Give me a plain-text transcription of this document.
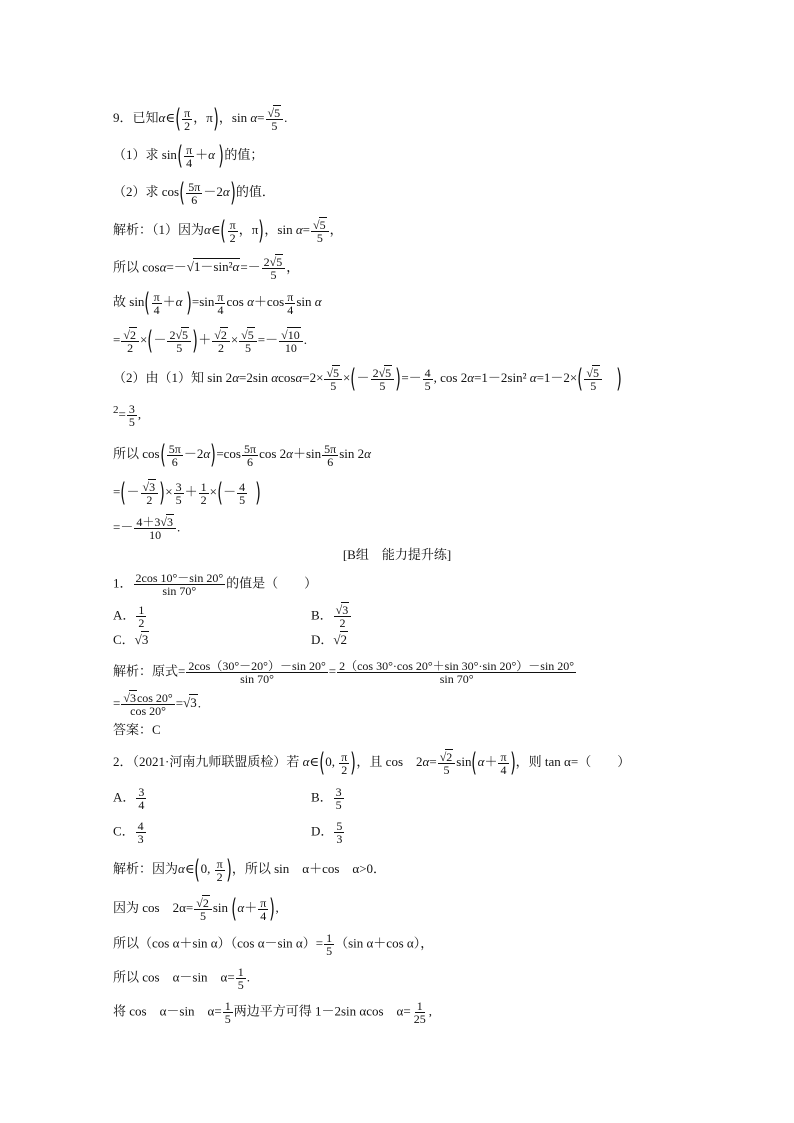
9．已知α∈( $\frac{\pi}{2}$ ，π)，$\sin \alpha= \frac{√5}{5}$ .
（1）求 $\sin( \frac{\pi}{4} +\alpha$ )的值；
（2）求 $\cos( \frac{5\pi}{6} -2\alpha)$的值．
解析：（1）因为α∈( $\frac{\pi}{2}$ ，π)，$\sin \alpha= \frac{√5}{5}$ ，
所以 $\cos\alpha=-√1-\sin^2\alpha=- \frac{2√5}{5}$ ，
故 $\sin( \frac{\pi}{4} +\alpha$ )$=\sin \frac{\pi}{4}$ $\cos \alpha+\cos \frac{\pi}{4}$ sin α
= $\frac{√2}{2}$ ×(－ $\frac{2√5}{5}$ )＋ $\frac{√2}{2} \times \frac{√5}{5} =- \frac{√10}{10}$ .
（2）由（1）知 sin 2α=2sin $\alpha\cos\alpha=2\times \frac{√5}{5}$ ×(－ $\frac{2√5}{5}$ )=－ $\frac{4}{5}$ , cos 2α=1－2sin² $\alpha=1-2\times( \frac{√5}{5}$ )
$^2= \frac{3}{5}$ ,
所以 $\cos( \frac{5\pi}{6} -2\alpha)=\cos \frac{5\pi}{6}$ $\cos 2\alpha+\sin \frac{5\pi}{6}$ sin 2α
=(－ $\frac{√3}{2}$ )× $\frac{3}{5} + \frac{1}{2}$ ×(－ $\frac{4}{5}$ )
=－ $\frac{4+3√3}{10}$ .
[B组　能力提升练]
1． $\frac{2\cos 10^\circ-\sin 20^\circ}{\sin 70^\circ}$ 的值是（　　）
A． $\frac{1}{2}$	B． $\frac{√3}{2}$
C．√3	D．√2
解析：原式= $\frac{2\cos(30^\circ-20^\circ)-\sin 20^\circ}{\sin 70^\circ} = \frac{2(\cos 30^\circ\cdot\cos 20^\circ+\sin 30^\circ\cdot\sin 20^\circ)-\sin 20^\circ}{\sin 70^\circ}$
= $\frac{√3\cos 20^\circ}{\cos 20^\circ} =√3$.
答案：C
2．（2021·河南九师联盟质检）若 α∈(0, $\frac{\pi}{2}$ )，且 cos　$2\alpha= \frac{√2}{5} \sin(\alpha+ \frac{\pi}{4}$ )，则 tan α=（　　）
A． $\frac{3}{4}$	B． $\frac{3}{5}$
C． $\frac{4}{3}$	D． $\frac{5}{3}$
解析：因为α∈(0, $\frac{\pi}{2}$ )，所以 sin　α＋cos　α>0．
因为 cos　$2\alpha= \frac{√2}{5}$ $\sin (\alpha+ \frac{\pi}{4}$ ),
所以（cos α＋sin α）（cos α－sin $\alpha)= \frac{1}{5} (\sin$ α＋cos α），
所以 cos　α－sin　$\alpha= \frac{1}{5}$ .
将 cos　α－sin　$\alpha= \frac{1}{5}$ 两边平方可得 1－2sin αcos　$\alpha= \frac{1}{25}$ ,
